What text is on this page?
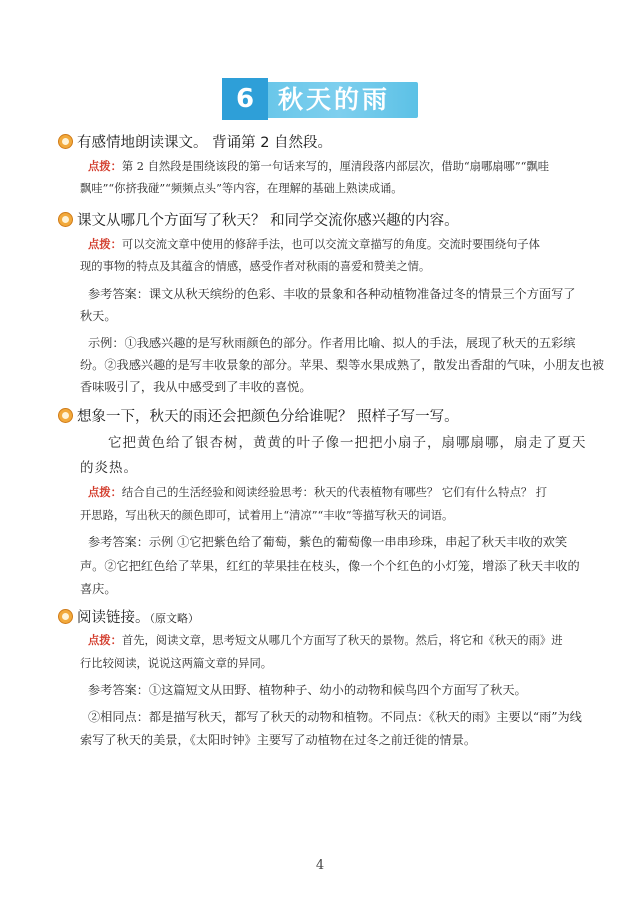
6 秋天的雨
有感情地朗读课文。 背诵第 2 自然段。
点拨：第 2 自然段是围绕该段的第一句话来写的，厘清段落内部层次，借助“扇哪扇哪”“飘哇
飘哇”“你挤我碰”“频频点头”等内容，在理解的基础上熟读成诵。
课文从哪几个方面写了秋天？ 和同学交流你感兴趣的内容。
点拨：可以交流文章中使用的修辞手法，也可以交流文章描写的角度。交流时要围绕句子体
现的事物的特点及其蕴含的情感，感受作者对秋雨的喜爱和赞美之情。
参考答案：课文从秋天缤纷的色彩、丰收的景象和各种动植物准备过冬的情景三个方面写了
秋天。
示例：①我感兴趣的是写秋雨颜色的部分。作者用比喻、拟人的手法，展现了秋天的五彩缤
纷。②我感兴趣的是写丰收景象的部分。苹果、梨等水果成熟了，散发出香甜的气味，小朋友也被
香味吸引了，我从中感受到了丰收的喜悦。
想象一下，秋天的雨还会把颜色分给谁呢？ 照样子写一写。
它把黄色给了银杏树，黄黄的叶子像一把把小扇子，扇哪扇哪，扇走了夏天
的炎热。
点拨：结合自己的生活经验和阅读经验思考：秋天的代表植物有哪些？ 它们有什么特点？ 打
开思路，写出秋天的颜色即可，试着用上“清凉”“丰收”等描写秋天的词语。
参考答案：示例 ①它把紫色给了葡萄，紫色的葡萄像一串串珍珠，串起了秋天丰收的欢笑
声。②它把红色给了苹果，红红的苹果挂在枝头，像一个个红色的小灯笼，增添了秋天丰收的
喜庆。
阅读链接。（原文略）
点拨：首先，阅读文章，思考短文从哪几个方面写了秋天的景物。然后，将它和《秋天的雨》进
行比较阅读，说说这两篇文章的异同。
参考答案：①这篇短文从田野、植物种子、幼小的动物和候鸟四个方面写了秋天。
②相同点：都是描写秋天，都写了秋天的动物和植物。不同点：《秋天的雨》主要以“雨”为线
索写了秋天的美景，《太阳时钟》主要写了动植物在过冬之前迁徙的情景。
4
